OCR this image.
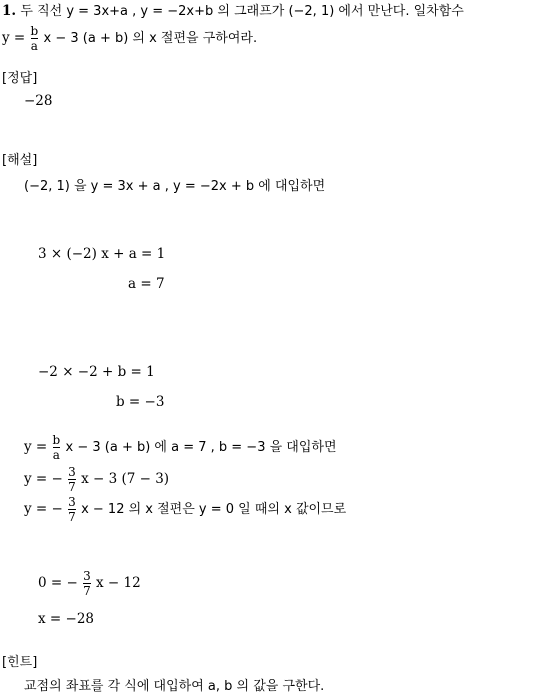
1. 두 직선 y = 3x+a , y = −2x+b 의 그래프가 (−2, 1) 에서 만난다. 일차함수
$y = \frac{b}{a}$ x − 3 (a + b) 의 x 절편을 구하여라.
[정답]
−28
[해설]
(−2, 1) 을 y = 3x + a , y = −2x + b 에 대입하면
3 × (−2) x + a = 1
a = 7
−2 × −2 + b = 1
b = −3
$y = \frac{b}{a}$ x − 3 (a + b) 에 a = 7 , b = −3 을 대입하면
y = − $\frac{3}{7}$ x − 3 (7 − 3)
y = − $\frac{3}{7}$ x − 12 의 x 절편은 y = 0 일 때의 x 값이므로
0 = − $\frac{3}{7}$ x − 12
x = −28
[힌트]
교점의 좌표를 각 식에 대입하여 a, b 의 값을 구한다.
